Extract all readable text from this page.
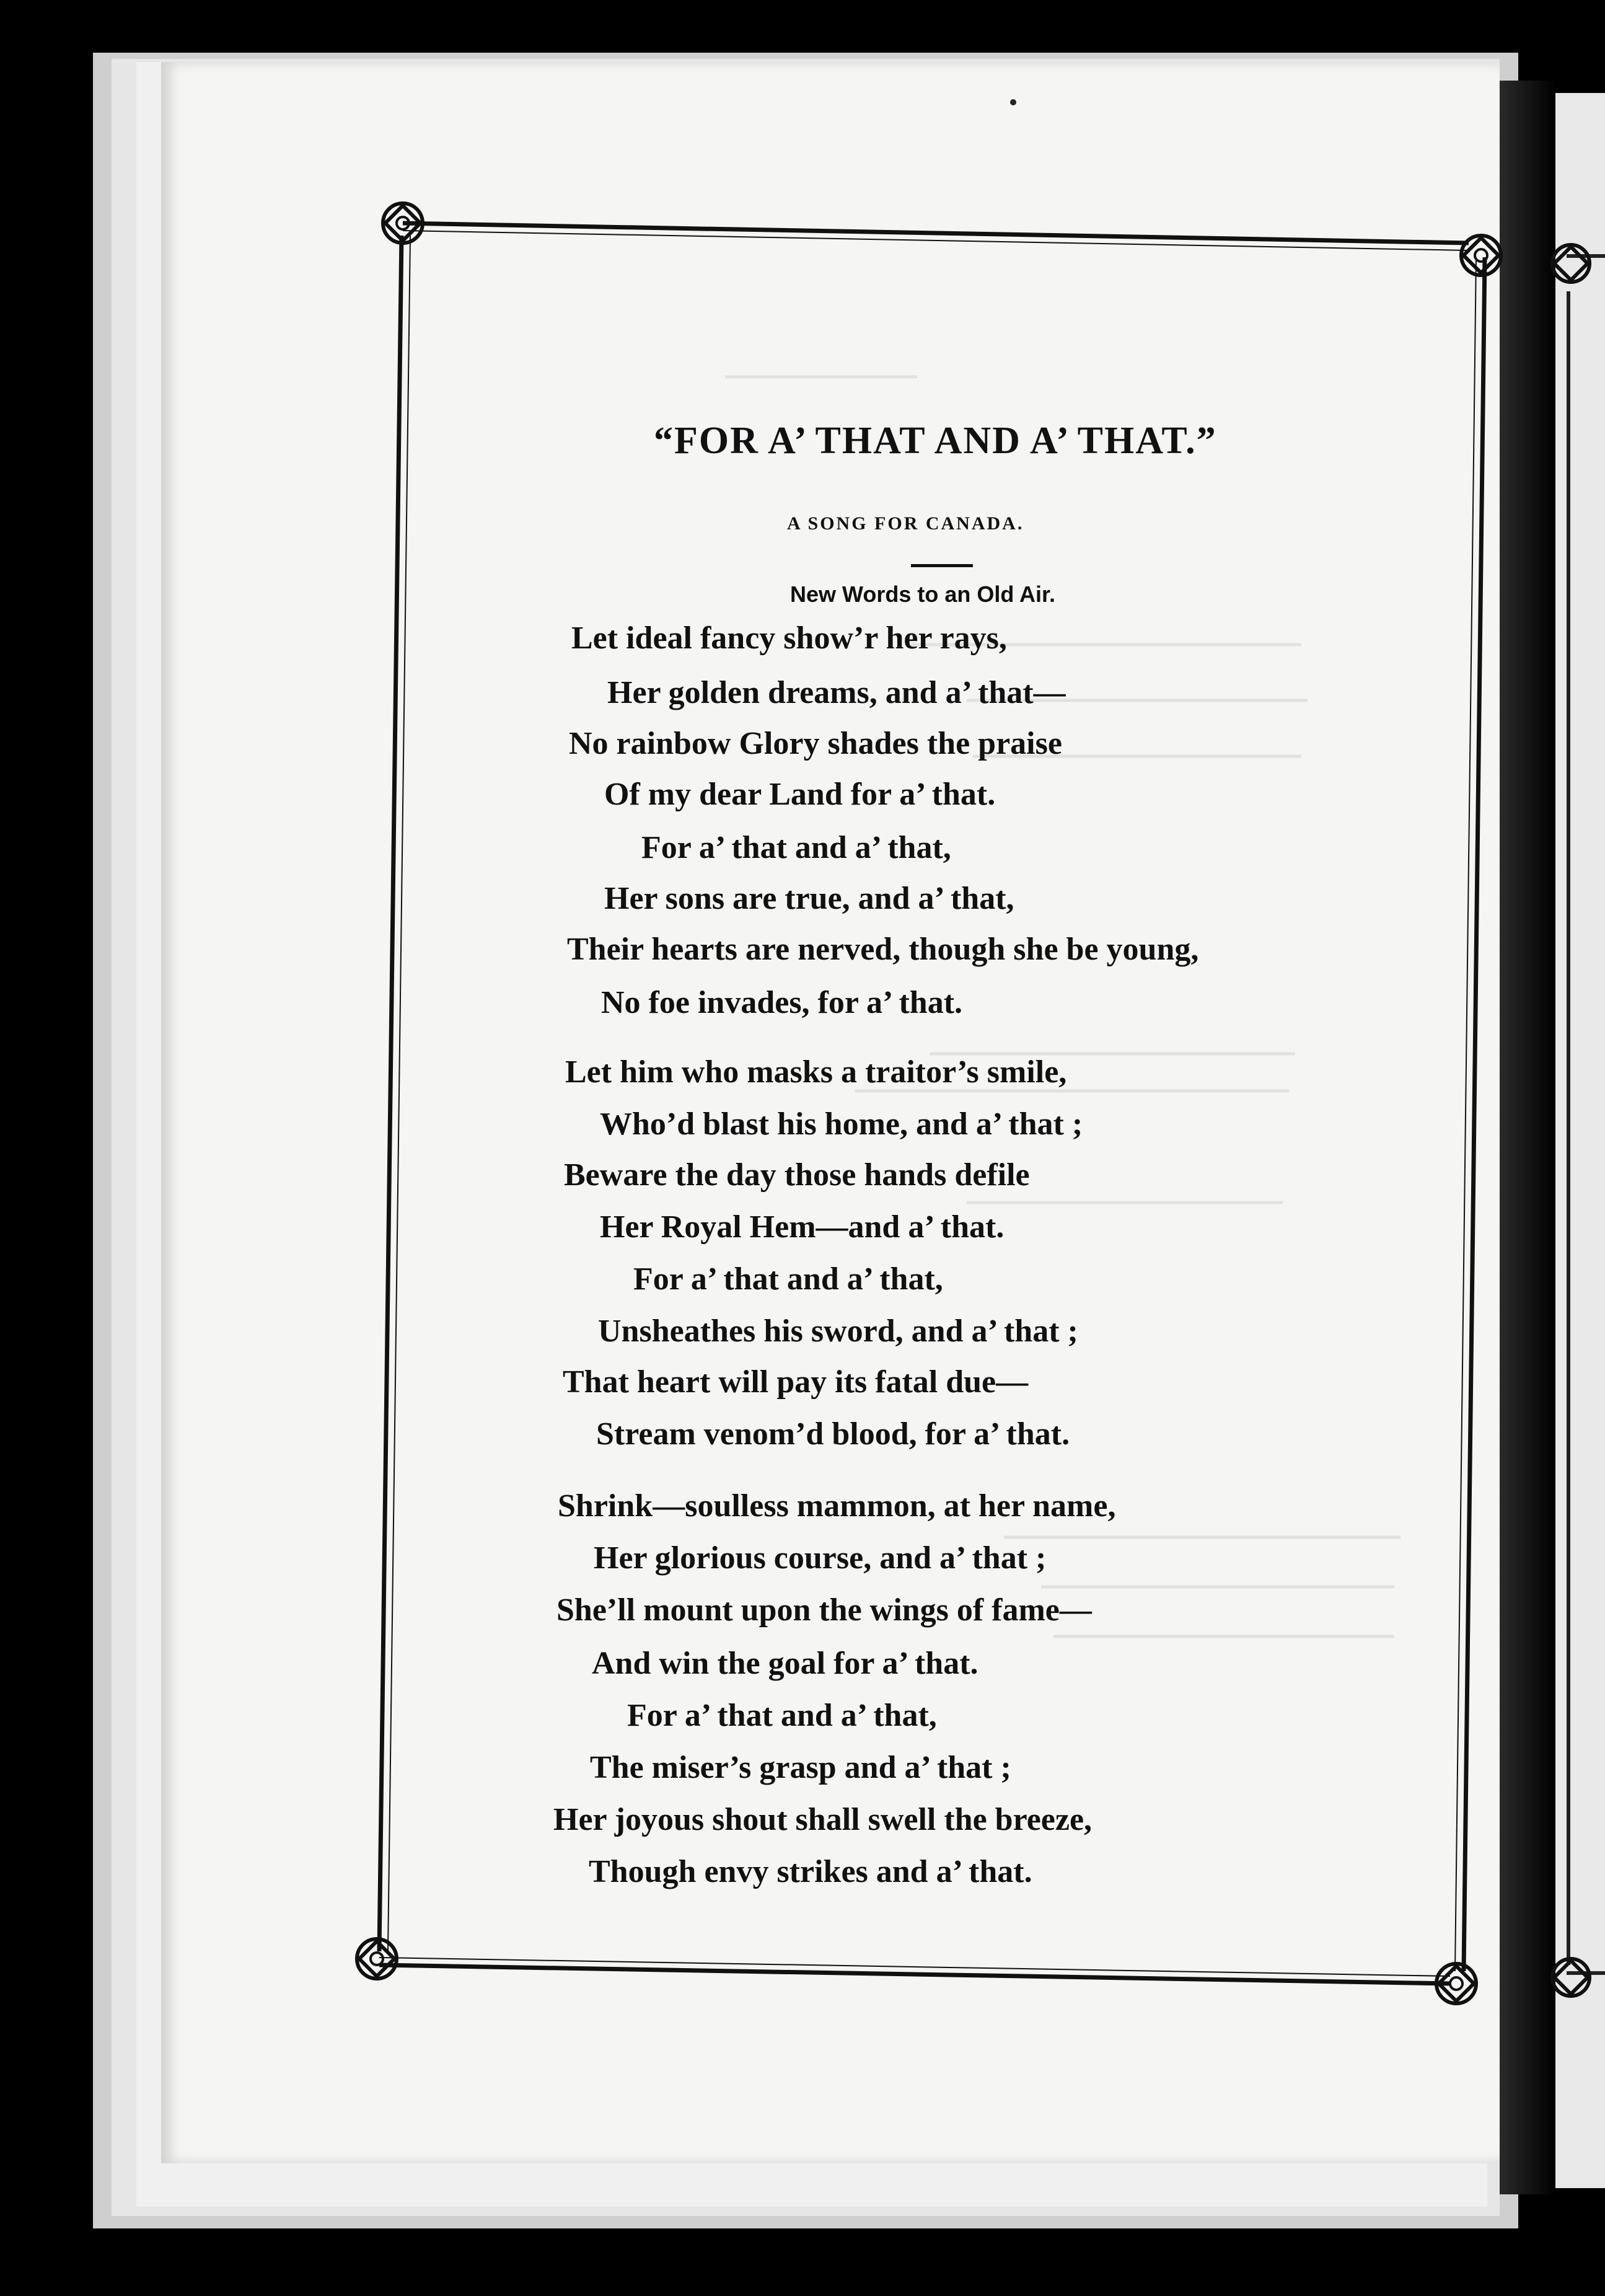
“FOR A’ THAT AND A’ THAT.”
A SONG FOR CANADA.
New Words to an Old Air.
Let ideal fancy show’r her rays,
Her golden dreams, and a’ that—
No rainbow Glory shades the praise
Of my dear Land for a’ that.
For a’ that and a’ that,
Her sons are true, and a’ that,
Their hearts are nerved, though she be young,
No foe invades, for a’ that.
Let him who masks a traitor’s smile,
Who’d blast his home, and a’ that ;
Beware the day those hands defile
Her Royal Hem—and a’ that.
For a’ that and a’ that,
Unsheathes his sword, and a’ that ;
That heart will pay its fatal due—
Stream venom’d blood, for a’ that.
Shrink—soulless mammon, at her name,
Her glorious course, and a’ that ;
She’ll mount upon the wings of fame—
And win the goal for a’ that.
For a’ that and a’ that,
The miser’s grasp and a’ that ;
Her joyous shout shall swell the breeze,
Though envy strikes and a’ that.
